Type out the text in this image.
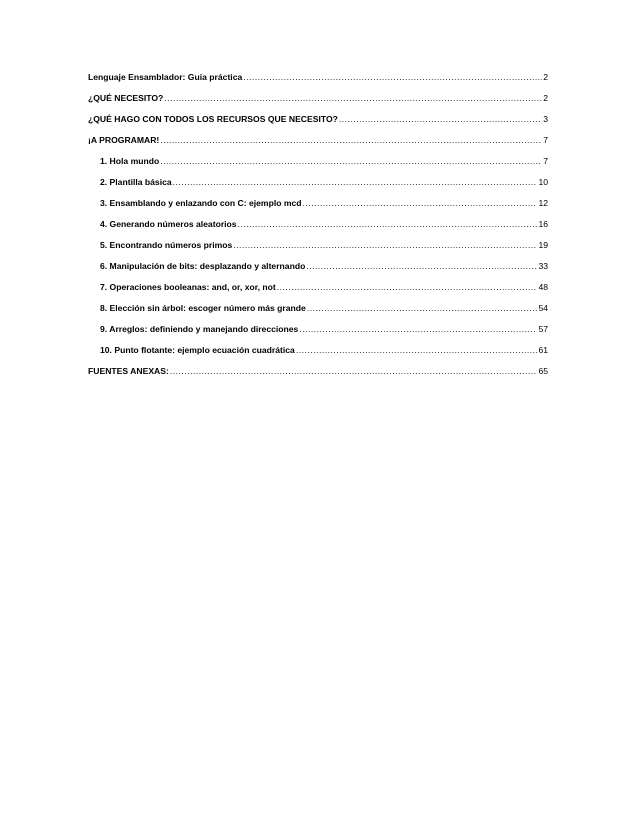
Lenguaje Ensamblador: Guia práctica .....	2
¿QUÉ NECESITO? .....	2
¿QUÉ HAGO CON TODOS LOS RECURSOS QUE NECESITO? .....	3
¡A PROGRAMAR! .....	7
1. Hola mundo .....	7
2. Plantilla básica .....	10
3. Ensamblando y enlazando con C: ejemplo mcd .....	12
4. Generando números aleatorios .....	16
5. Encontrando números primos .....	19
6. Manipulación de bits: desplazando y alternando .....	33
7. Operaciones booleanas: and, or, xor, not .....	48
8. Elección sin árbol: escoger número más grande .....	54
9. Arreglos: definiendo y manejando direcciones .....	57
10. Punto flotante: ejemplo ecuación cuadrática .....	61
FUENTES ANEXAS: .....	65
